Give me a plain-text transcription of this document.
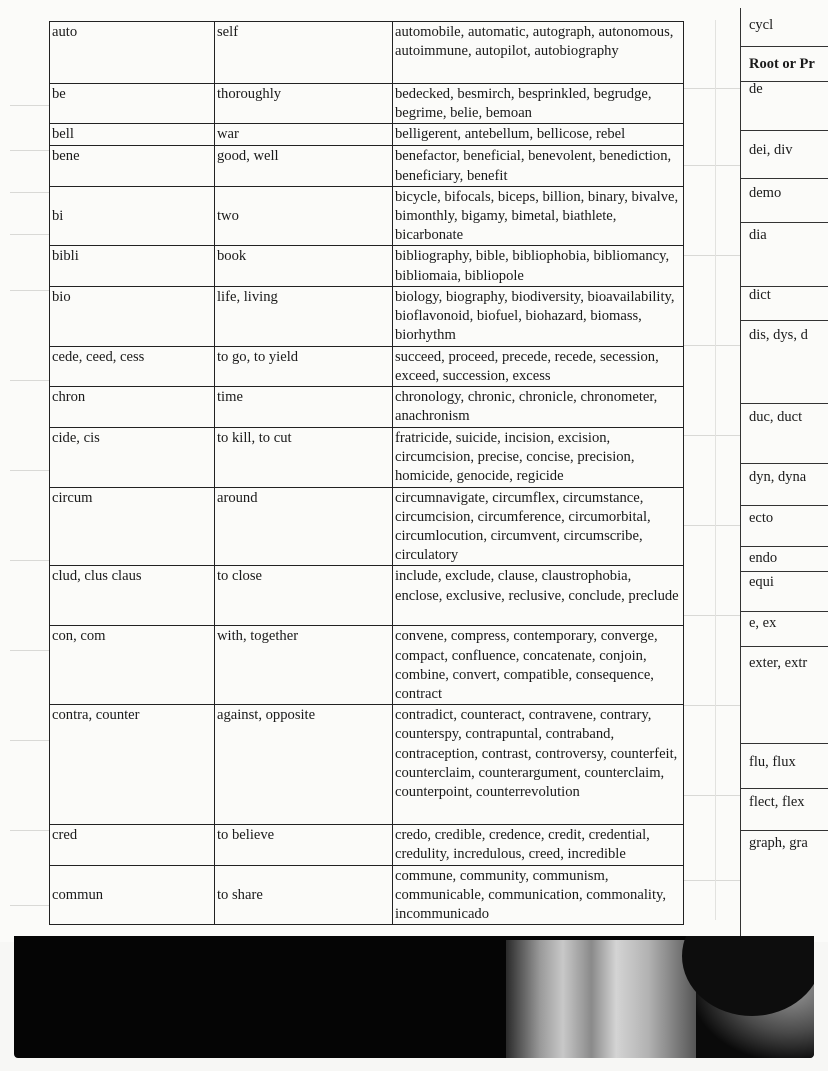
auto	self	automobile, automatic, autograph, autonomous, autoimmune, autopilot, autobiography
be	thoroughly	bedecked, besmirch, besprinkled, begrudge, begrime, belie, bemoan
bell	war	belligerent, antebellum, bellicose, rebel
bene	good, well	benefactor, beneficial, benevolent, benediction, beneficiary, benefit
bi	two	bicycle, bifocals, biceps, billion, binary, bivalve, bimonthly, bigamy, bimetal, biathlete, bicarbonate
bibli	book	bibliography, bible, bibliophobia, bibliomancy, bibliomaia, bibliopole
bio	life, living	biology, biography, biodiversity, bioavailability, bioflavonoid, biofuel, biohazard, biomass, biorhythm
cede, ceed, cess	to go, to yield	succeed, proceed, precede, recede, secession, exceed, succession, excess
chron	time	chronology, chronic, chronicle, chronometer, anachronism
cide, cis	to kill, to cut	fratricide, suicide, incision, excision, circumcision, precise, concise, precision, homicide, genocide, regicide
circum	around	circumnavigate, circumflex, circumstance, circumcision, circumference, circumorbital, circumlocution, circumvent, circumscribe, circulatory
clud, clus claus	to close	include, exclude, clause, claustrophobia, enclose, exclusive, reclusive, conclude, preclude
con, com	with, together	convene, compress, contemporary, converge, compact, confluence, concatenate, conjoin, combine, convert, compatible, consequence, contract
contra, counter	against, opposite	contradict, counteract, contravene, contrary, counterspy, contrapuntal, contraband, contraception, contrast, controversy, counterfeit, counterclaim, counterargument, counterclaim, counterpoint, counterrevolution
cred	to believe	credo, credible, credence, credit, credential, credulity, incredulous, creed, incredible
commun	to share	commune, community, communism, communicable, communication, commonality, incommunicado
cycl
Root or Pr
de
dei, div
demo
dia
dict
dis, dys, d
duc, duct
dyn, dyna
ecto
endo
equi
e, ex
exter, extr
flu, flux
flect, flex
graph, gra
